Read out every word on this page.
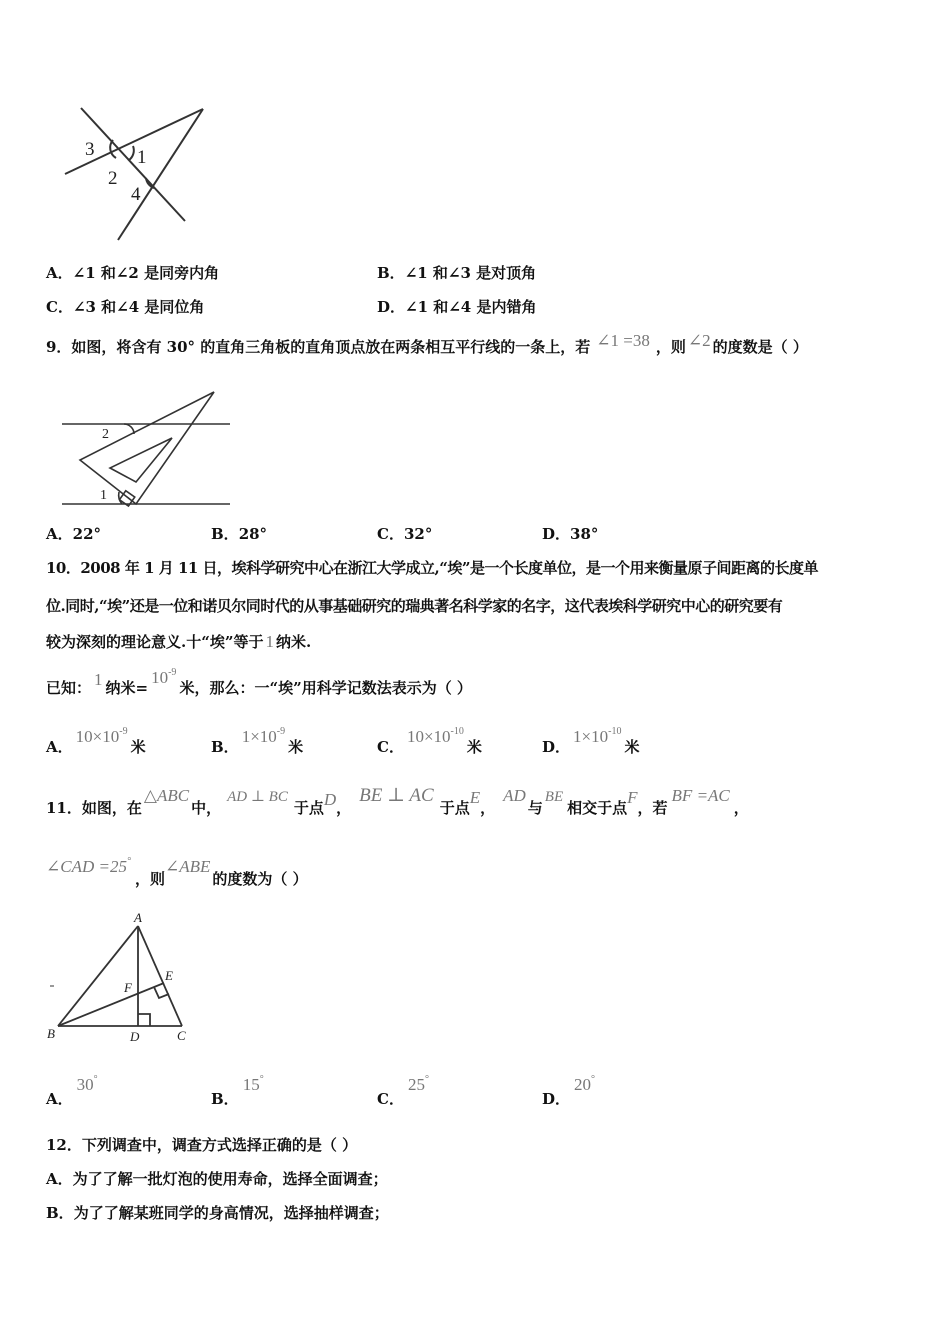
3 1
2
4
A．∠1 和∠2 是同旁内角	B．∠1 和∠3 是对顶角
C．∠3 和∠4 是同位角	D．∠1 和∠4 是内错角
9．如图，将含有 30° 的直角三角板的直角顶点放在两条相互平行线的一条上，若 ∠1 =38 ，则 ∠2 的度数是（ ）
2
1
A．22°	B．28°	C．32°	D．38°
10．2008 年 1 月 11 日，埃科学研究中心在浙江大学成立,“埃”是一个长度单位，是一个用来衡量原子间距离的长度单
位.同时,“埃”还是一位和诺贝尔同时代的从事基础研究的瑞典著名科学家的名字，这代表埃科学研究中心的研究要有
较为深刻的理论意义.十“埃”等于 1 纳米.
已知： 1 纳米$=10^{-9}$米，那么：一“埃”用科学记数法表示为（ ）
A．$10\times 10^{-9}$米	B．$1\times 10^{-9}$米	C．$10\times 10^{-10}$米	D．$1\times 10^{-10}$米
11．如图，在△ABC中，AD ⊥ BC于点D，BE ⊥ AC于点E，AD与BE相交于点F，若BF =AC，
∠CAD =25°，则∠ABE的度数为（ ）
A
E
F
B	D	C
A．30°
B．15°
C．25°
D．20°
12．下列调查中，调查方式选择正确的是（ ）
A．为了了解一批灯泡的使用寿命，选择全面调查；
B．为了了解某班同学的身高情况，选择抽样调查；
